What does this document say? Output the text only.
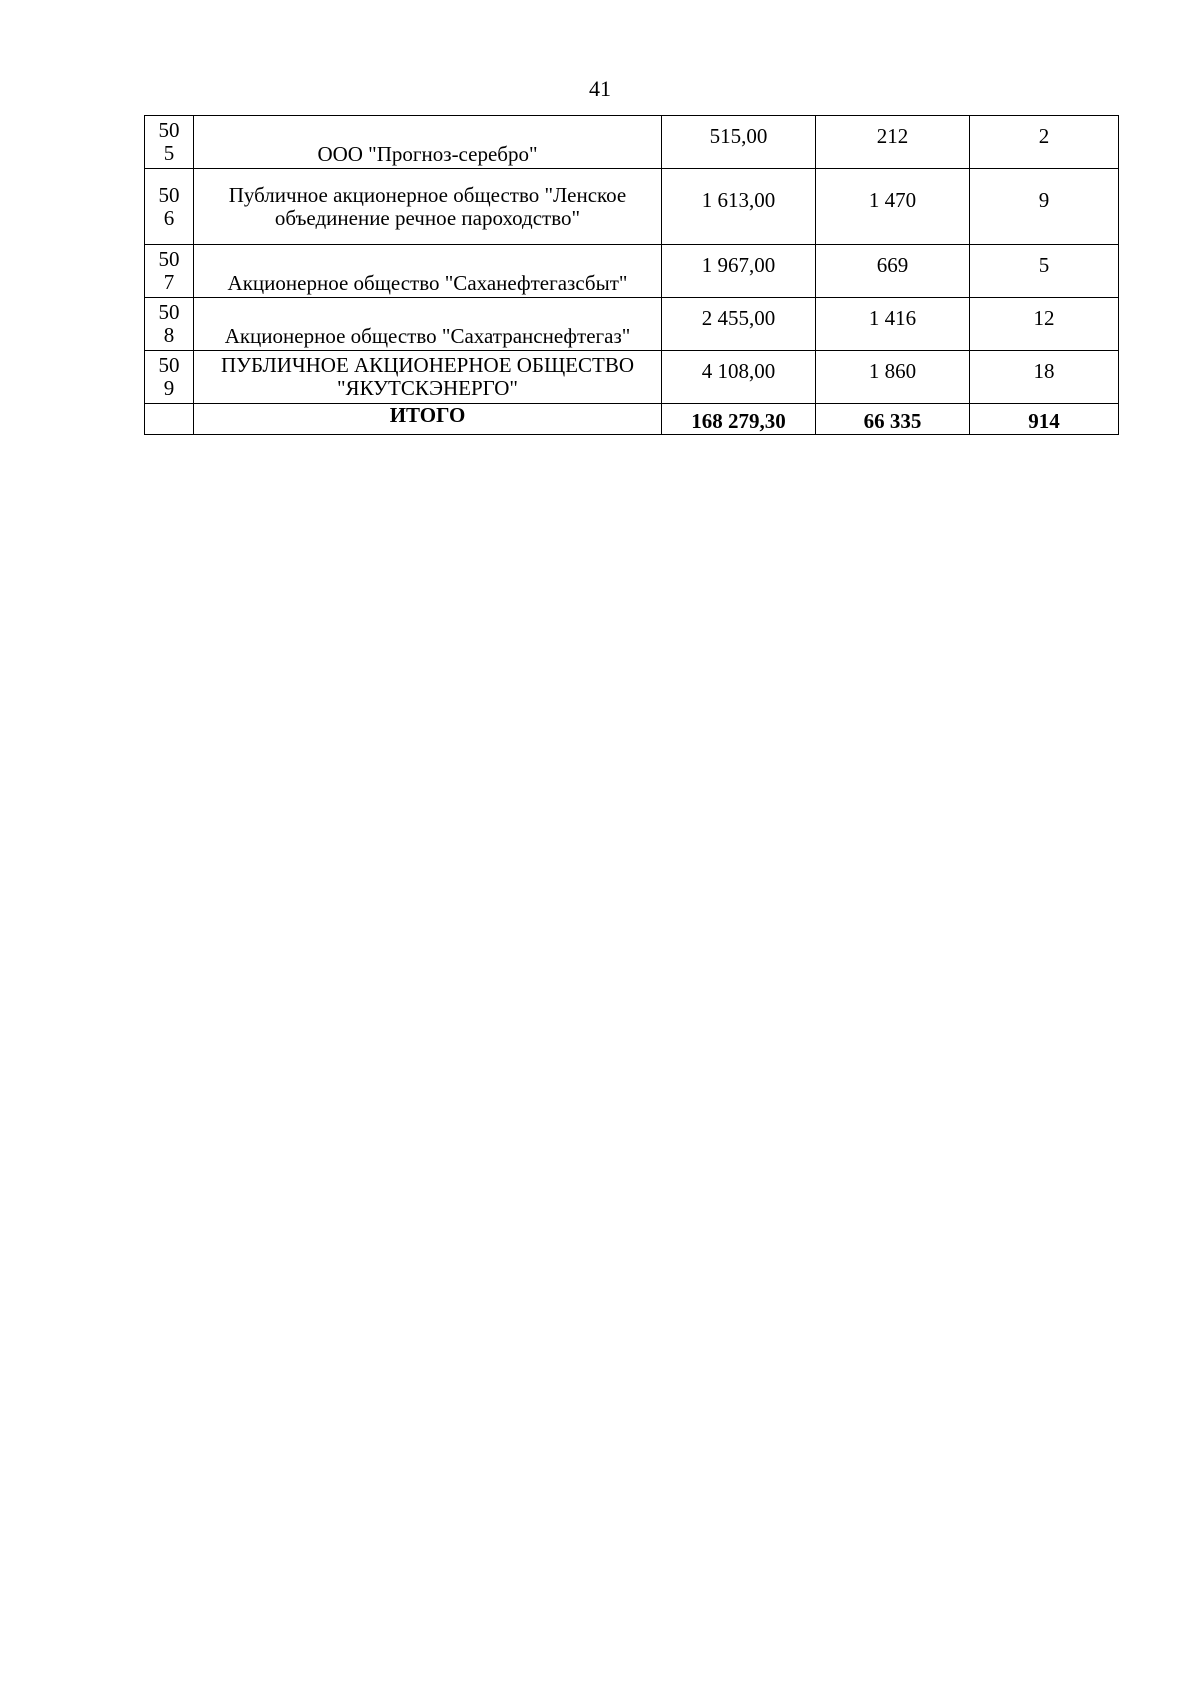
41
50
5	ООО "Прогноз-серебро"	515,00	212	2

50
6	Публичное акционерное общество "Ленское объединение речное пароходство"	1 613,00	1 470	9

50
7	Акционерное общество "Саханефтегазсбыт"	1 967,00	669	5

50
8	Акционерное общество "Сахатранснефтегаз"	2 455,00	1 416	12

50
9	ПУБЛИЧНОЕ АКЦИОНЕРНОЕ ОБЩЕСТВО "ЯКУТСКЭНЕРГО"	4 108,00	1 860	18
	ИТОГО	168 279,30	66 335	914
